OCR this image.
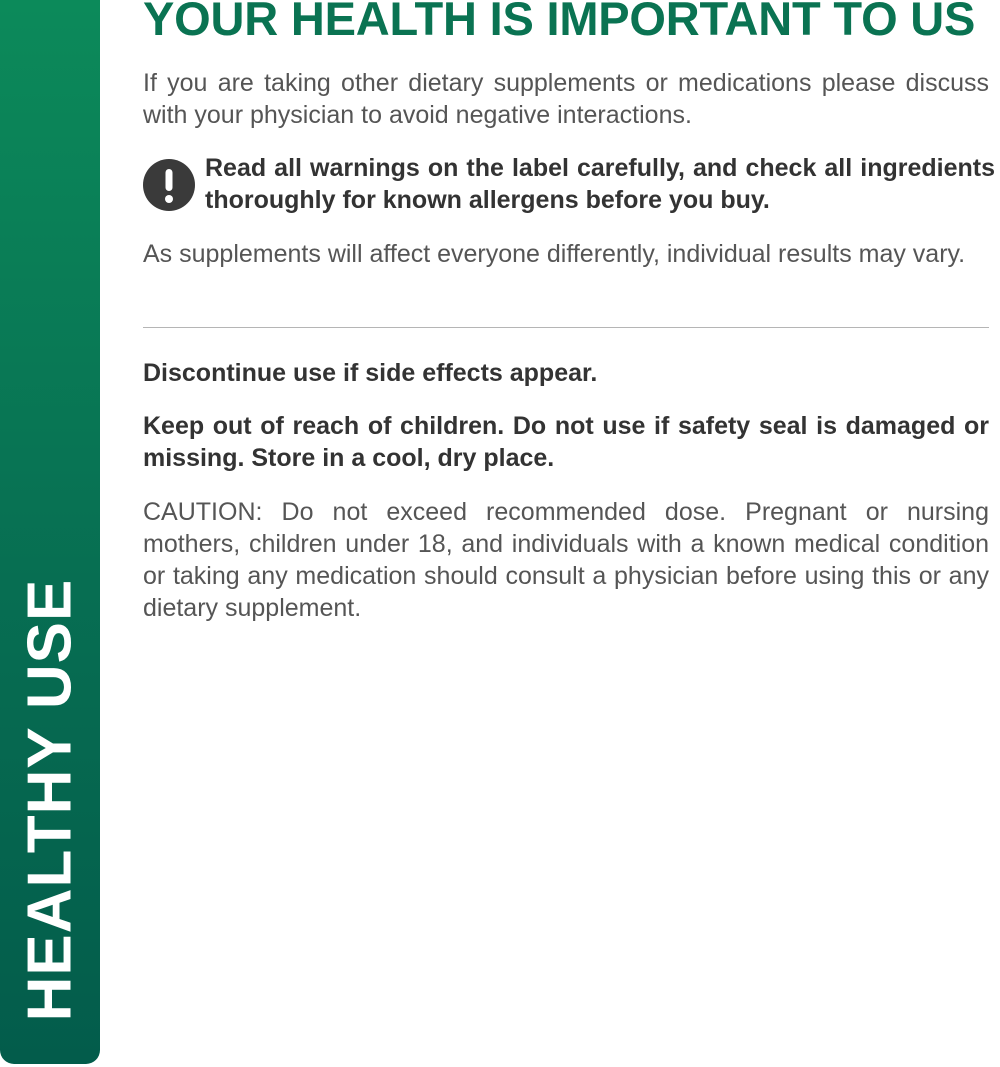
HEALTHY USE
YOUR HEALTH IS IMPORTANT TO US

If you are taking other dietary supplements or medications please discuss with your physician to avoid negative interactions.

Read all warnings on the label carefully, and check all ingredients thoroughly for known allergens before you buy.

As supplements will affect everyone differently, individual results may vary.

Discontinue use if side effects appear.

Keep out of reach of children. Do not use if safety seal is damaged or missing. Store in a cool, dry place.

CAUTION: Do not exceed recommended dose. Pregnant or nursing mothers, children under 18, and individuals with a known medical condition or taking any medication should consult a physician before using this or any dietary supplement.
